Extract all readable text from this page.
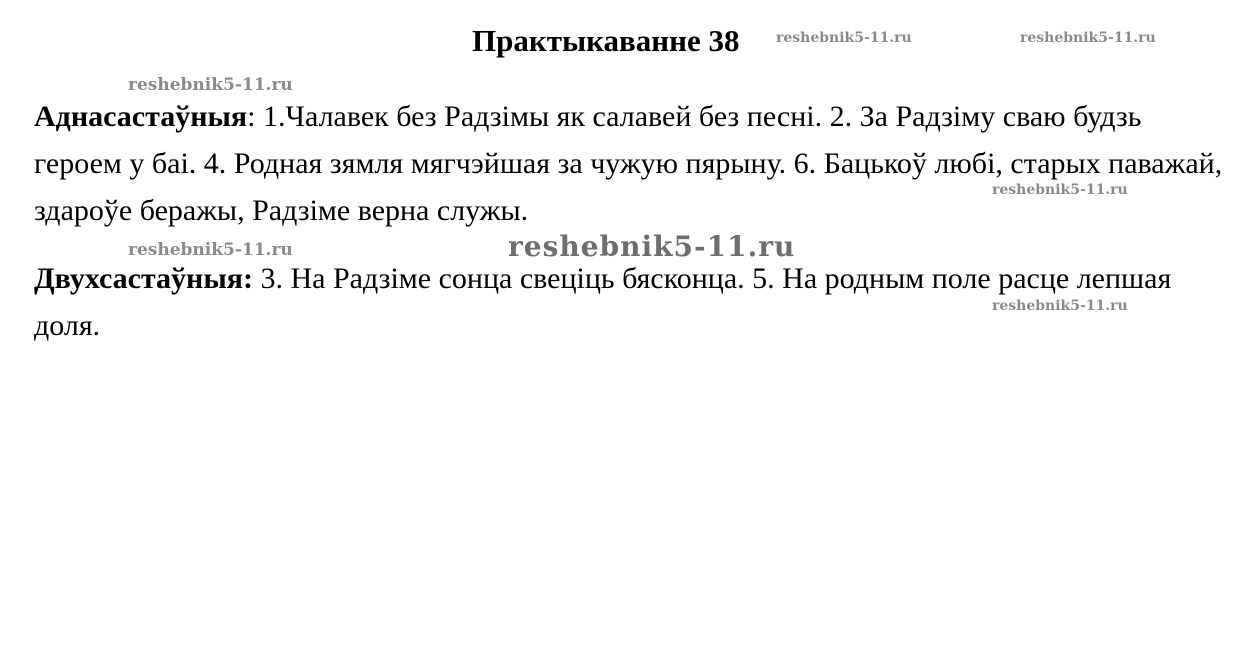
Практыкаванне 38

Аднасастаўныя: 1.Чалавек без Радзімы як салавей без песні. 2. За Радзіму сваю будзь героем у баі. 4. Родная зямля мягчэйшая за чужую пярыну. 6. Бацькоў любі, старых паважай, здароўе беражы, Радзіме верна служы.

Двухсастаўныя: 3. На Радзіме сонца свеціць бясконца. 5. На родным поле расце лепшая доля.

reshebnik5-11.ru	reshebnik5-11.ru
reshebnik5-11.ru
reshebnik5-11.ru
reshebnik5-11.ru	reshebnik5-11.ru
reshebnik5-11.ru
